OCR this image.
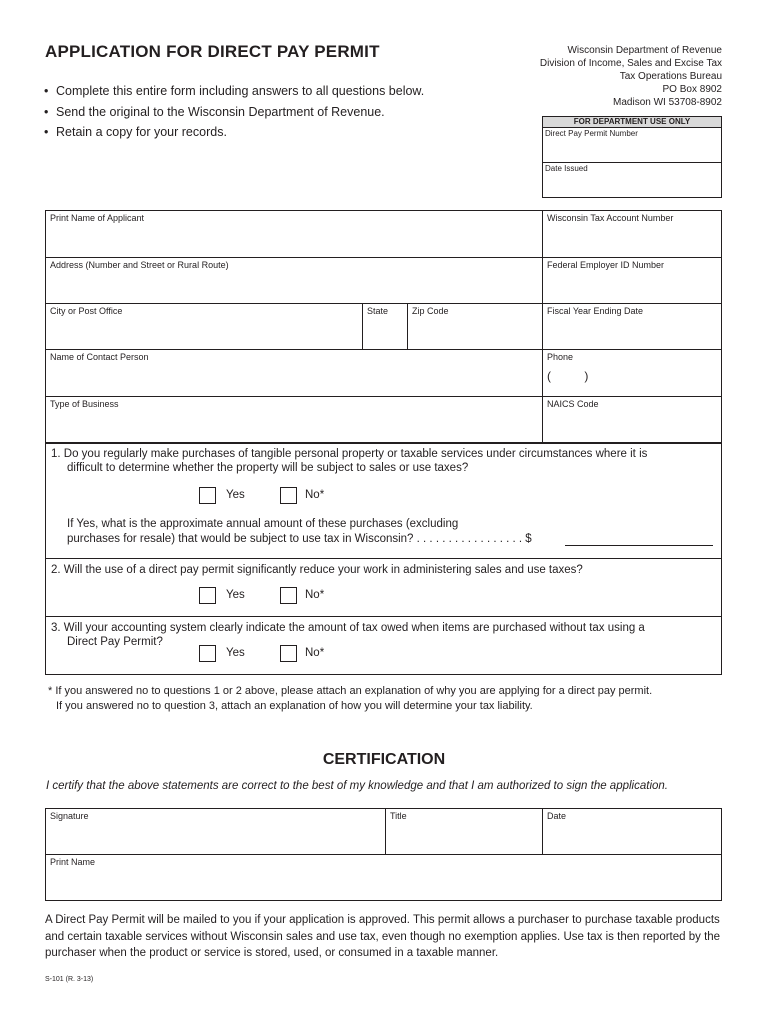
APPLICATION FOR DIRECT PAY PERMIT
• Complete this entire form including answers to all questions below.
• Send the original to the Wisconsin Department of Revenue.
• Retain a copy for your records.
Wisconsin Department of Revenue
Division of Income, Sales and Excise Tax
Tax Operations Bureau
PO Box 8902
Madison WI 53708-8902
FOR DEPARTMENT USE ONLY
Direct Pay Permit Number
Date Issued
Print Name of Applicant	Wisconsin Tax Account Number
Address (Number and Street or Rural Route)	Federal Employer ID Number
City or Post Office	State	Zip Code	Fiscal Year Ending Date
Name of Contact Person	Phone
(          )
Type of Business	NAICS Code
1. Do you regularly make purchases of tangible personal property or taxable services under circumstances where it is
difficult to determine whether the property will be subject to sales or use taxes?
Yes	No*
If Yes, what is the approximate annual amount of these purchases (excluding
purchases for resale) that would be subject to use tax in Wisconsin? . . . . . . . . . . . . . . . . . $
2. Will the use of a direct pay permit significantly reduce your work in administering sales and use taxes?
Yes	No*
3. Will your accounting system clearly indicate the amount of tax owed when items are purchased without tax using a
Direct Pay Permit?
Yes	No*
* If you answered no to questions 1 or 2 above, please attach an explanation of why you are applying for a direct pay permit.
If you answered no to question 3, attach an explanation of how you will determine your tax liability.
CERTIFICATION
I certify that the above statements are correct to the best of my knowledge and that I am authorized to sign the application.
Signature	Title	Date
Print Name
A Direct Pay Permit will be mailed to you if your application is approved. This permit allows a purchaser to purchase taxable products and certain taxable services without Wisconsin sales and use tax, even though no exemption applies. Use tax is then reported by the purchaser when the product or service is stored, used, or consumed in a taxable manner.
S-101 (R. 3-13)
